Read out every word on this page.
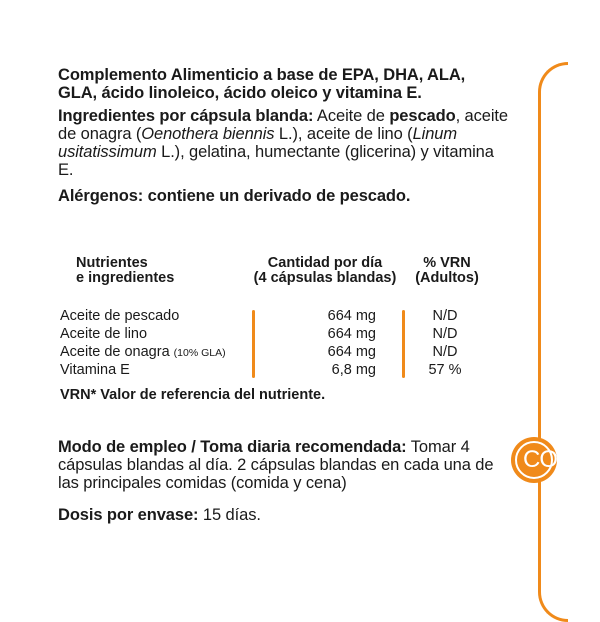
Complemento Alimenticio a base de EPA, DHA, ALA, GLA, ácido linoleico, ácido oleico y vitamina E.
Ingredientes por cápsula blanda: Aceite de pescado, aceite de onagra (Oenothera biennis L.), aceite de lino (Linum usitatissimum L.), gelatina, humectante (glicerina) y vitamina E.
Alérgenos: contiene un derivado de pescado.
Nutrientes
e ingredientes
Cantidad por día
(4 cápsulas blandas)
% VRN
(Adultos)
Aceite de pescado	664 mg	N/D
Aceite de lino	664 mg	N/D
Aceite de onagra (10% GLA)	664 mg	N/D
Vitamina E	6,8 mg	57 %
VRN* Valor de referencia del nutriente.
Modo de empleo / Toma diaria recomendada: Tomar 4 cápsulas blandas al día. 2 cápsulas blandas en cada una de las principales comidas (comida y cena)
Dosis por envase: 15 días.
CO
